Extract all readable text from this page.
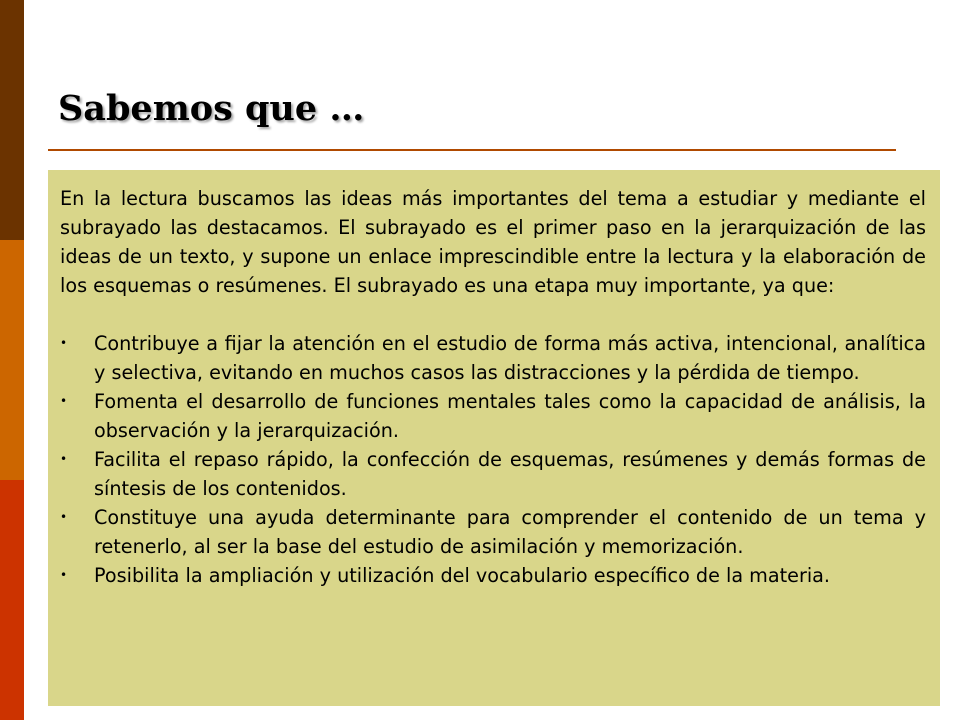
Sabemos que …

En la lectura buscamos las ideas más importantes del tema a estudiar y mediante el subrayado las destacamos. El subrayado es el primer paso en la jerarquización de las ideas de un texto, y supone un enlace imprescindible entre la lectura y la elaboración de los esquemas o resúmenes. El subrayado es una etapa muy importante, ya que:

• Contribuye a fijar la atención en el estudio de forma más activa, intencional, analítica y selectiva, evitando en muchos casos las distracciones y la pérdida de tiempo.
• Fomenta el desarrollo de funciones mentales tales como la capacidad de análisis, la observación y la jerarquización.
• Facilita el repaso rápido, la confección de esquemas, resúmenes y demás formas de síntesis de los contenidos.
• Constituye una ayuda determinante para comprender el contenido de un tema y retenerlo, al ser la base del estudio de asimilación y memorización.
• Posibilita la ampliación y utilización del vocabulario específico de la materia.
